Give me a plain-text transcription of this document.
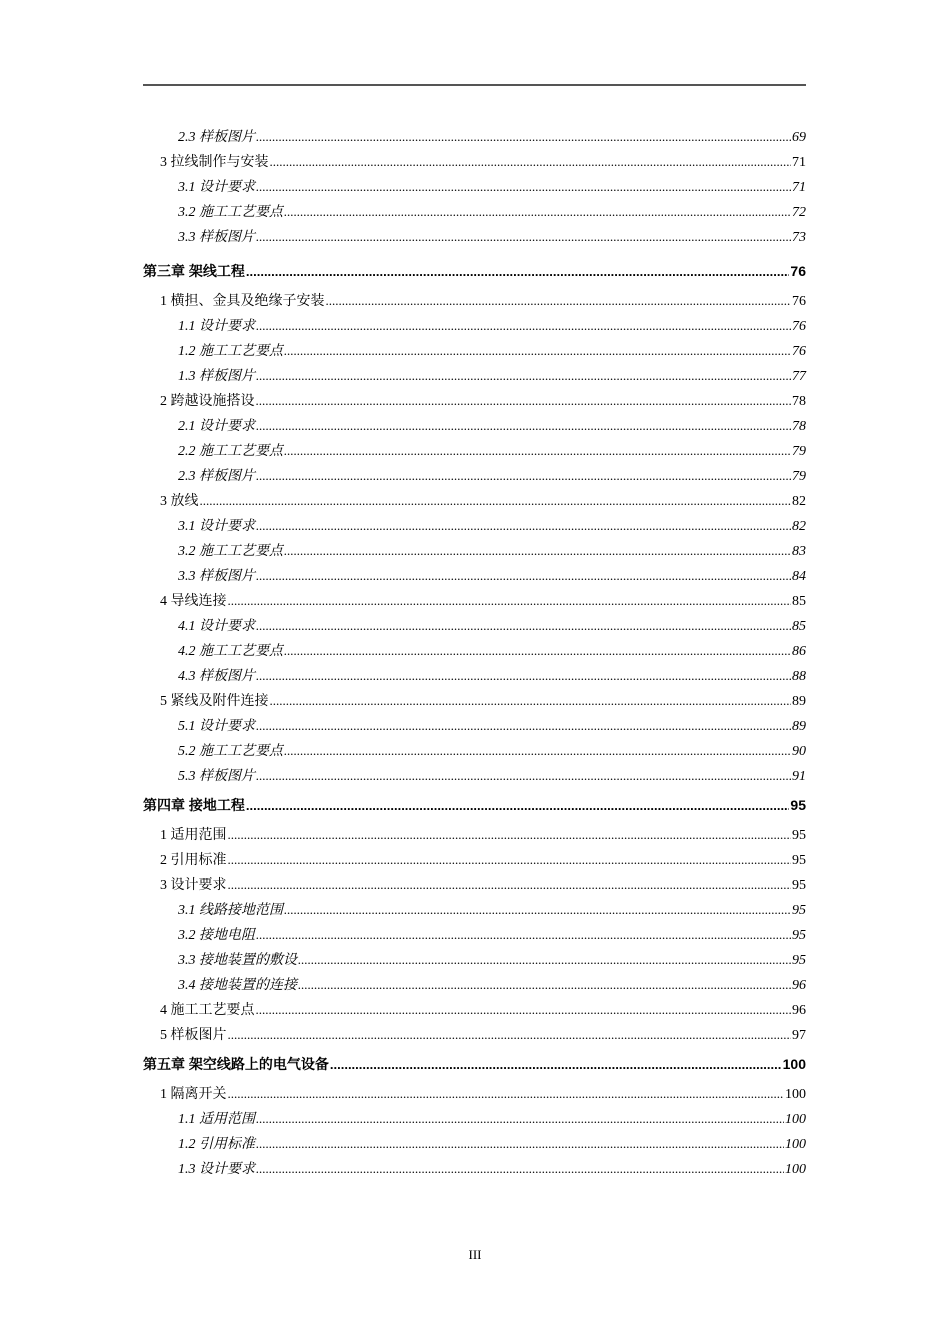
2.3 样板图片 .....	69
3 拉线制作与安装 .....	71
3.1 设计要求 .....	71
3.2 施工工艺要点 .....	72
3.3 样板图片 .....	73
第三章 架线工程 .....	76
1 横担、金具及绝缘子安装 .....	76
1.1 设计要求 .....	76
1.2 施工工艺要点 .....	76
1.3 样板图片 .....	77
2 跨越设施搭设 .....	78
2.1 设计要求 .....	78
2.2 施工工艺要点 .....	79
2.3 样板图片 .....	79
3 放线 .....	82
3.1 设计要求 .....	82
3.2 施工工艺要点 .....	83
3.3 样板图片 .....	84
4 导线连接 .....	85
4.1 设计要求 .....	85
4.2 施工工艺要点 .....	86
4.3 样板图片 .....	88
5 紧线及附件连接 .....	89
5.1 设计要求 .....	89
5.2 施工工艺要点 .....	90
5.3 样板图片 .....	91
第四章 接地工程 .....	95
1 适用范围 .....	95
2 引用标准 .....	95
3 设计要求 .....	95
3.1 线路接地范围 .....	95
3.2 接地电阻 .....	95
3.3 接地装置的敷设 .....	95
3.4 接地装置的连接 .....	96
4 施工工艺要点 .....	96
5 样板图片 .....	97
第五章 架空线路上的电气设备 .....	100
1 隔离开关 .....	100
1.1 适用范围 .....	100
1.2 引用标准 .....	100
1.3 设计要求 .....	100
III
